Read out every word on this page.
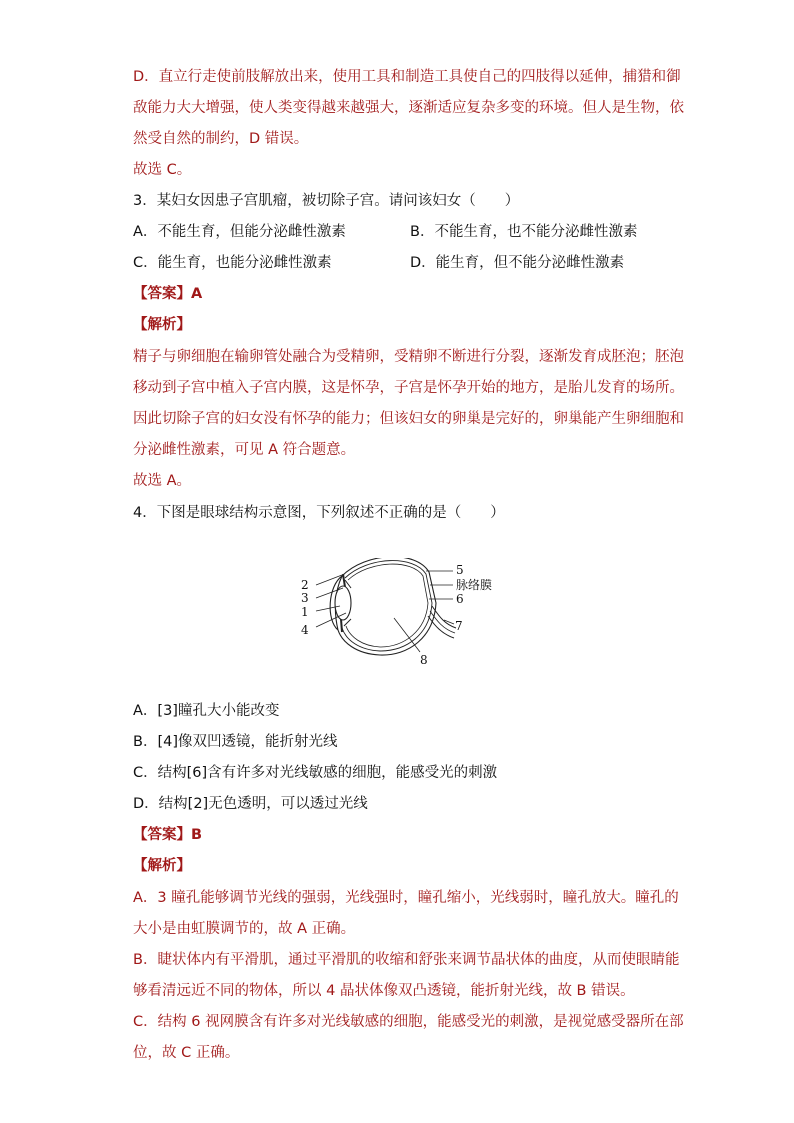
D．直立行走使前肢解放出来，使用工具和制造工具使自己的四肢得以延伸，捕猎和御
敌能力大大增强，使人类变得越来越强大，逐渐适应复杂多变的环境。但人是生物，依
然受自然的制约，D 错误。
故选 C。
3．某妇女因患子宫肌瘤，被切除子宫。请问该妇女（　　）
A．不能生育，但能分泌雌性激素	B．不能生育，也不能分泌雌性激素
C．能生育，也能分泌雌性激素	D．能生育，但不能分泌雌性激素
【答案】A
【解析】
精子与卵细胞在输卵管处融合为受精卵，受精卵不断进行分裂，逐渐发育成胚泡；胚泡
移动到子宫中植入子宫内膜，这是怀孕，子宫是怀孕开始的地方，是胎儿发育的场所。
因此切除子宫的妇女没有怀孕的能力；但该妇女的卵巢是完好的，卵巢能产生卵细胞和
分泌雌性激素，可见 A 符合题意。
故选 A。
4．下图是眼球结构示意图，下列叙述不正确的是（　　）
2
3
1
4
5
脉络膜
6
7
8
A．[3]瞳孔大小能改变
B．[4]像双凹透镜，能折射光线
C．结构[6]含有许多对光线敏感的细胞，能感受光的刺激
D．结构[2]无色透明，可以透过光线
【答案】B
【解析】
A．3 瞳孔能够调节光线的强弱，光线强时，瞳孔缩小，光线弱时，瞳孔放大。瞳孔的
大小是由虹膜调节的，故 A 正确。
B．睫状体内有平滑肌，通过平滑肌的收缩和舒张来调节晶状体的曲度，从而使眼睛能
够看清远近不同的物体，所以 4 晶状体像双凸透镜，能折射光线，故 B 错误。
C．结构 6 视网膜含有许多对光线敏感的细胞，能感受光的刺激，是视觉感受器所在部
位，故 C 正确。
